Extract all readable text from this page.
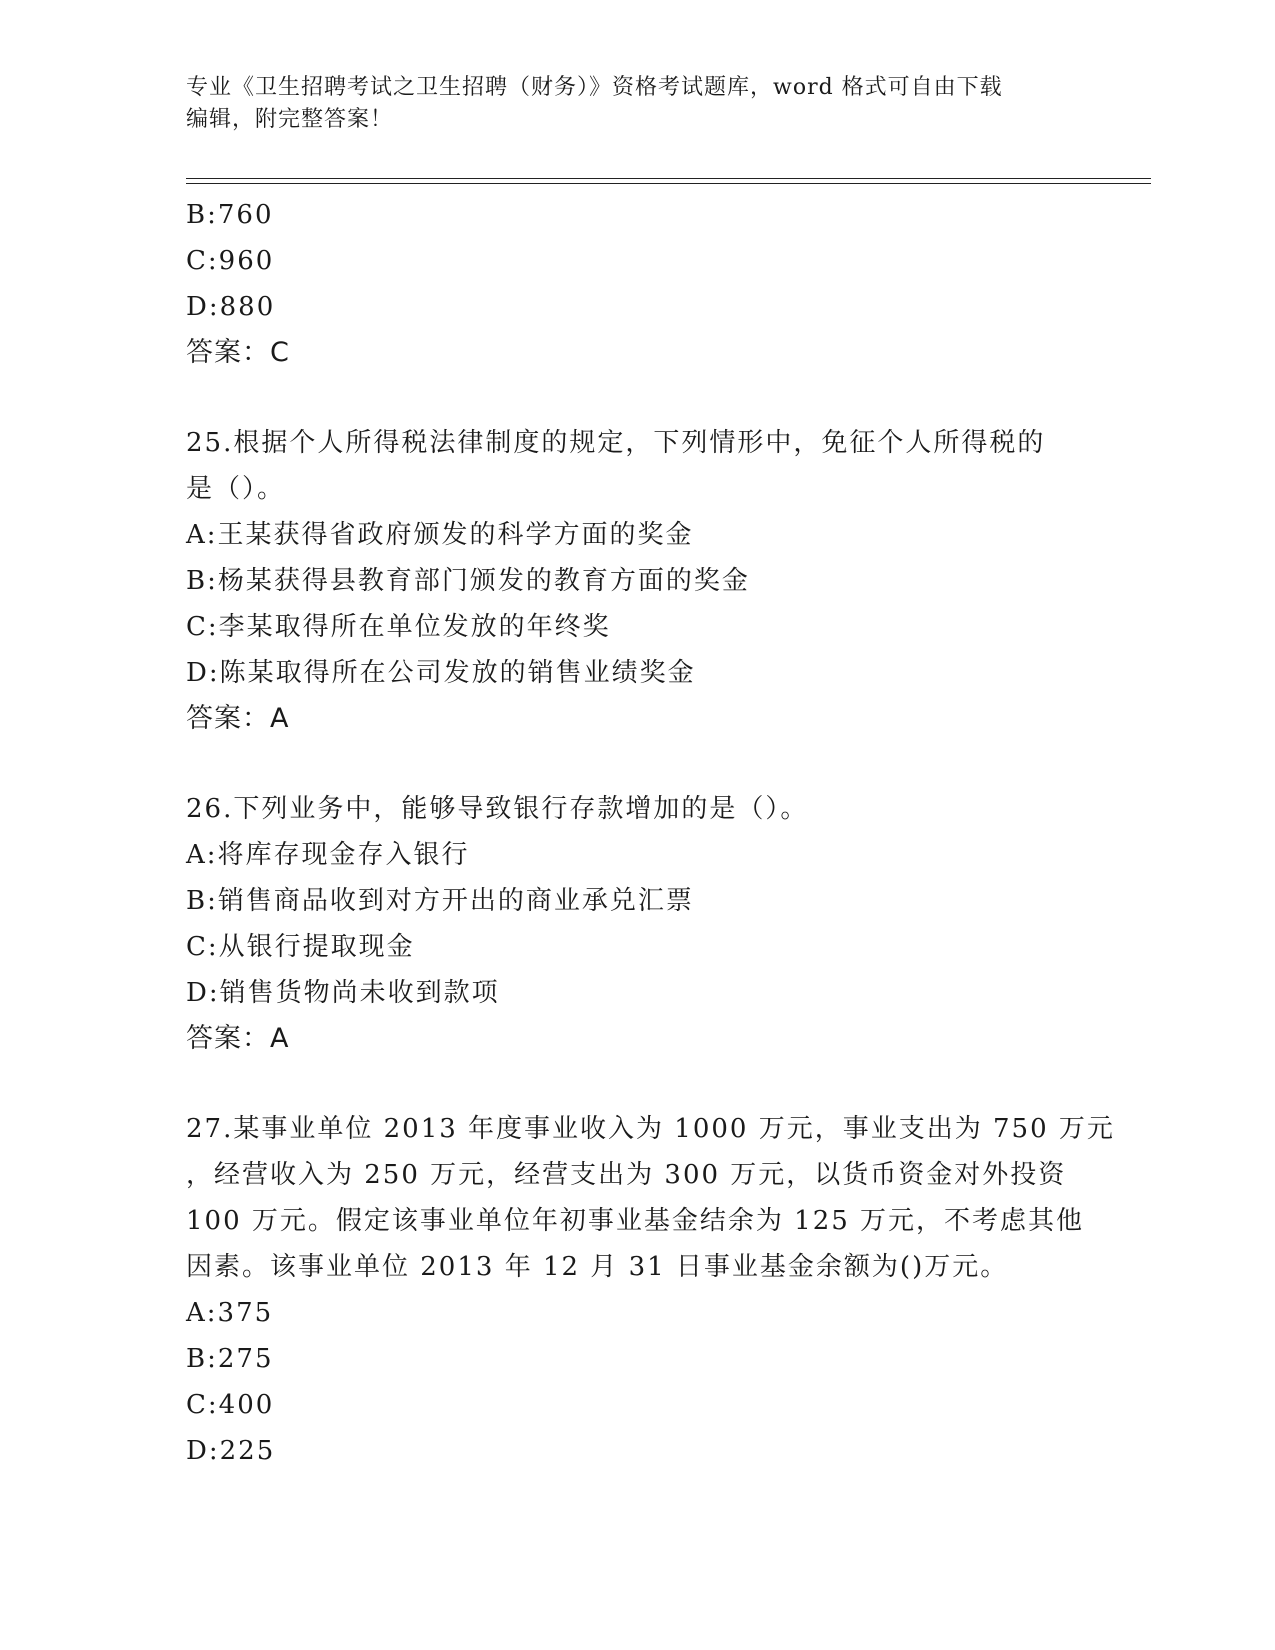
专业《卫生招聘考试之卫生招聘（财务）》资格考试题库，word 格式可自由下载
编辑，附完整答案！
B:760
C:960
D:880
答案：C
25.根据个人所得税法律制度的规定，下列情形中，免征个人所得税的
是（）。
A:王某获得省政府颁发的科学方面的奖金
B:杨某获得县教育部门颁发的教育方面的奖金
C:李某取得所在单位发放的年终奖
D:陈某取得所在公司发放的销售业绩奖金
答案：A
26.下列业务中，能够导致银行存款增加的是（）。
A:将库存现金存入银行
B:销售商品收到对方开出的商业承兑汇票
C:从银行提取现金
D:销售货物尚未收到款项
答案：A
27.某事业单位 2013 年度事业收入为 1000 万元，事业支出为 750 万元
，经营收入为 250 万元，经营支出为 300 万元，以货币资金对外投资
100 万元。假定该事业单位年初事业基金结余为 125 万元，不考虑其他
因素。该事业单位 2013 年 12 月 31 日事业基金余额为()万元。
A:375
B:275
C:400
D:225
